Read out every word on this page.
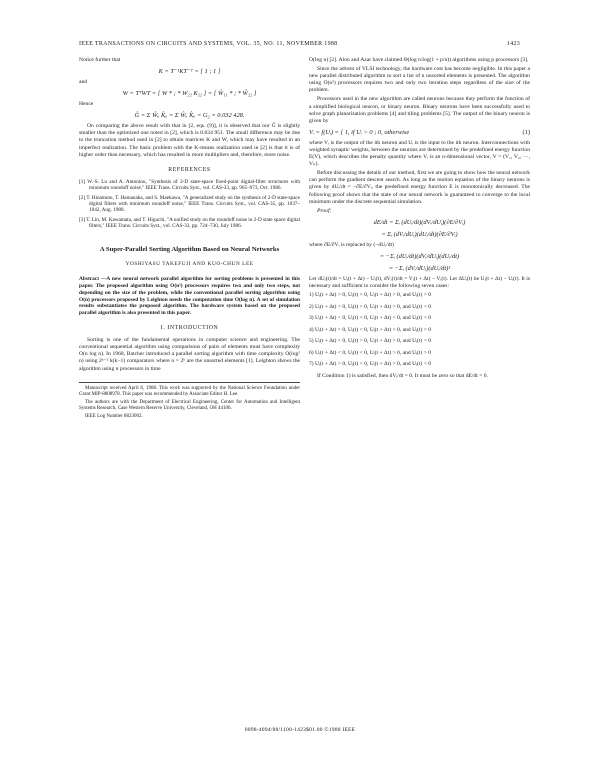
IEEE TRANSACTIONS ON CIRCUITS AND SYSTEMS, VOL. 35, NO. 11, NOVEMBER 1988	1423

Notice further that

K = T⁻¹KT⁻ᵀ = [ 1 ; 1 ]

and

W = TᵀWT = [ W * ; * W₂₂ K₂₂ ] = [ Ŵ₁₁ * ; * Ŵ₂₂ ]

Hence

Ĝ = Σ Ŵᵢᵢ K̂ᵢᵢ = Σ Ŵᵢᵢ K̂ᵢᵢ = G₂ = 0.032 428.

On comparing the above result with that in [2, eqs. (9)], it is observed that our Ĝ is slightly smaller than the optimized one noted in [2], which is 0.034 951. The small difference may be due to the truncation method used in [2] to obtain matrices K and W, which may have resulted in an imperfect realization. The basic problem with the K-means realization used in [2] is that it is of higher order than necessary, which has resulted in more multipliers and, therefore, more noise.

REFERENCES
[1] W.-S. Lu and A. Antoniou, "Synthesis of 2-D state-space fixed-point digital-filter structures with minimum roundoff noise," IEEE Trans. Circuits Syst., vol. CAS-33, pp. 965–973, Oct. 1986.
[2] T. Hinamoto, T. Hamanaka, and S. Maekawa, "A generalized study on the synthesis of 2-D state-space digital filters with minimum roundoff noise," IEEE Trans. Circuits Syst., vol. CAS-35, pp. 1037–1042, Aug. 1988.
[3] T. Lin, M. Kawamata, and T. Higuchi, "A unified study on the roundoff noise in 2-D state space digital filters," IEEE Trans. Circuits Syst., vol. CAS-33, pp. 724–730, July 1986.
A Super-Parallel Sorting Algorithm Based on Neural Networks
YOSHIYASU TAKEFUJI AND KUO-CHUN LEE
Abstract —A new neural network parallel algorithm for sorting problems is presented in this paper. The proposed algorithm using O(n²) processors requires two and only two steps, not depending on the size of the problem, while the conventional parallel sorting algorithm using O(n) processors proposed by Leighton needs the computation time O(log n). A set of simulation results substantiates the proposed algorithm. The hardware system based on the proposed parallel algorithm is also presented in this paper.
I. INTRODUCTION

Sorting is one of the fundamental operations in computer science and engineering. The conventional sequential algorithm using comparisons of pairs of elements must have complexity O(n log n). In 1968, Batcher introduced a parallel sorting algorithm with time complexity O(log² n) using 2ᵏ⁻² k(k−1) comparators where n = 2ᵏ are the unsorted elements [1]. Leighton shows the algorithm using n processors in time

Manuscript received April 8, 1988. This work was supported by the National Science Foundation under Grant MIP-8808978. This paper was recommended by Associate Editor H. Lee.

The authors are with the Department of Electrical Engineering, Center for Automation and Intelligent Systems Research, Case Western Reserve University, Cleveland, OH 44106.

IEEE Log Number 8823002.

O(log n) [2]. Alon and Azar have claimed Θ(log n/log(1 + p/n)) algorithms using p processors [3].

Since the advent of VLSI technology, the hardware cost has become negligible. In this paper a new parallel distributed algorithm to sort a list of n unsorted elements is presented. The algorithm using O(n²) processors requires two and only two iteration steps regardless of the size of the problem.

Processors used in the new algorithm are called neurons because they perform the function of a simplified biological neuron, or binary neuron. Binary neurons have been successfully used to solve graph planarization problems [4] and tiling problems [5]. The output of the binary neuron is given by

(1)
Vᵢ = f(Uᵢ) = { 1, if Uᵢ > 0 ; 0, otherwise

where Vᵢ is the output of the ith neuron and Uᵢ is the input to the ith neuron. Interconnections with weighted synaptic weights, between the neurons are determined by the predefined energy function E(V), which describes the penalty quantity where Vᵢ is an n-dimensional vector, V = (V₁, V₂, ···, Vₙ).

Before discussing the details of our method, first we are going to show how the neural network can perform the gradient descent search. As long as the motion equation of the binary neurons is given by dUᵢ/dt = −∂E/∂Vᵢ, the predefined energy function E is monotonically decreased. The following proof shows that the state of our neural network is guaranteed to converge to the local minimum under the discrete sequential simulation.

Proof:

dE/dt = Σᵢ (dUᵢ/dt)(dVᵢ/dUᵢ)(∂E/∂Vᵢ)
= Σᵢ (dVᵢ/dUᵢ)(dUᵢ/dt)(∂E/∂Vᵢ)

where ∂E/∂Vᵢ is replaced by (−dUᵢ/dt)

= −Σᵢ (dUᵢ/dt)(dVᵢ/dUᵢ)(dUᵢ/dt)
= −Σᵢ (dVᵢ/dUᵢ)(dUᵢ/dt)²

Let dUᵢ(t)/dt = Uᵢ(t + Δt) − Uᵢ(t), dVᵢ(t)/dt = Vᵢ(t + Δt) − Vᵢ(t). Let ΔUᵢ(t) be Uᵢ(t + Δt) − Uᵢ(t). It is necessary and sufficient to consider the following seven cases:

1) Uᵢ(t + Δt) > 0, Uᵢ(t) > 0, Uᵢ(t + Δt) > 0, and Uᵢ(t) > 0
2) Uᵢ(t + Δt) > 0, Uᵢ(t) > 0, Uᵢ(t + Δt) > 0, and Uᵢ(t) < 0
3) Uᵢ(t + Δt) < 0, Uᵢ(t) < 0, Uᵢ(t + Δt) < 0, and Uᵢ(t) < 0
4) Uᵢ(t + Δt) > 0, Uᵢ(t) < 0, Uᵢ(t + Δt) < 0, and Uᵢ(t) > 0
5) Uᵢ(t + Δt) < 0, Uᵢ(t) > 0, Uᵢ(t + Δt) > 0, and Uᵢ(t) < 0
6) Uᵢ(t + Δt) < 0, Uᵢ(t) < 0, Uᵢ(t + Δt) > 0, and Uᵢ(t) > 0
7) Uᵢ(t + Δt) > 0, Uᵢ(t) < 0, Uᵢ(t + Δt) > 0, and Uᵢ(t) < 0

If Condition 1) is satisfied, then dVᵢ/dt = 0. It must be zero so that dE/dt = 0.

0098-4094/88/1100-1423$01.00 ©1988 IEEE
